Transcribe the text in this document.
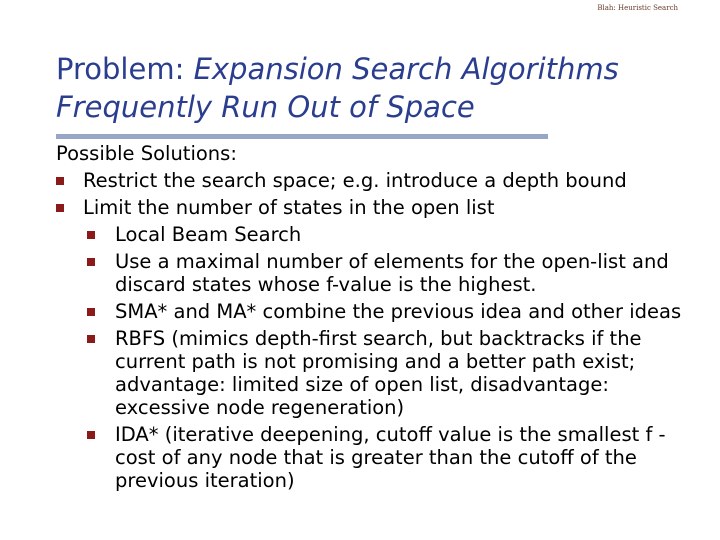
Blah: Heuristic Search
Problem: Expansion Search Algorithms
Frequently Run Out of Space

Possible Solutions:

Restrict the search space; e.g. introduce a depth bound
Limit the number of states in the open list
Local Beam Search
Use a maximal number of elements for the open-list and discard states whose f-value is the highest.
SMA* and MA* combine the previous idea and other ideas
RBFS (mimics depth-first search, but backtracks if the current path is not promising and a better path exist; advantage: limited size of open list, disadvantage: excessive node regeneration)
IDA* (iterative deepening, cutoff value is the smallest f -cost of any node that is greater than the cutoff of the previous iteration)
